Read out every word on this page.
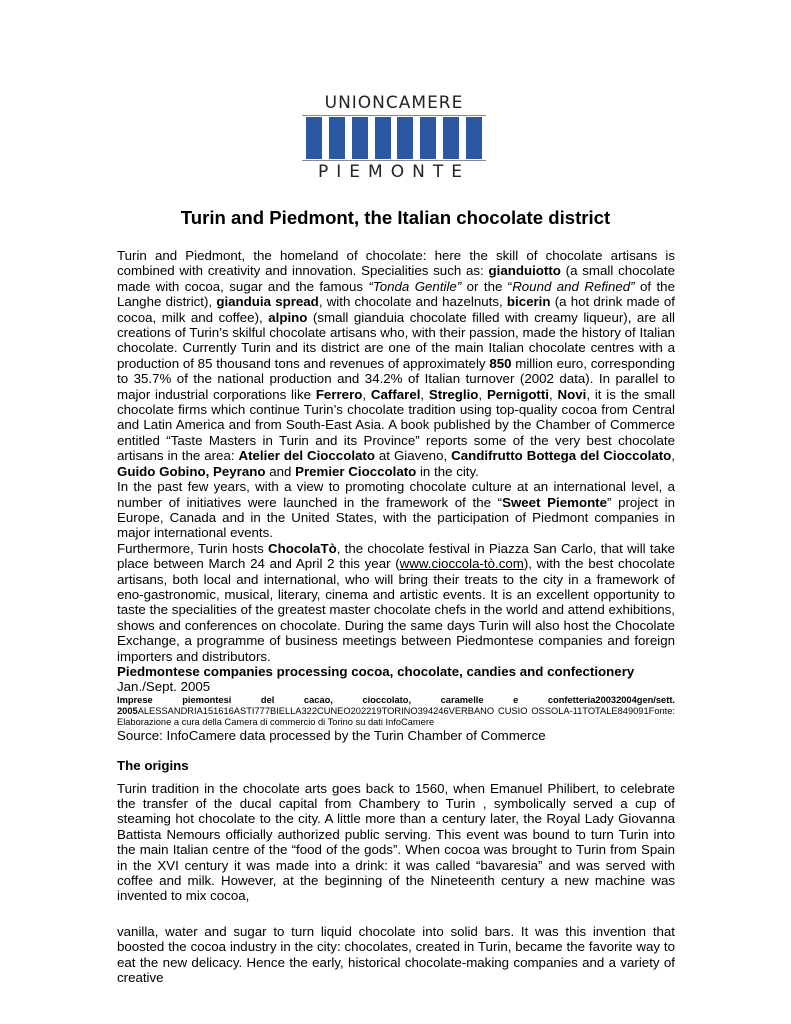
UNIONCAMERE
PIEMONTE
Turin and Piedmont, the Italian chocolate district

Turin and Piedmont, the homeland of chocolate: here the skill of chocolate artisans is combined with creativity and innovation. Specialities such as: gianduiotto (a small chocolate made with cocoa, sugar and the famous “Tonda Gentile” or the “Round and Refined” of the Langhe district), gianduia spread, with chocolate and hazelnuts, bicerin (a hot drink made of cocoa, milk and coffee), alpino (small gianduia chocolate filled with creamy liqueur), are all creations of Turin’s skilful chocolate artisans who, with their passion, made the history of Italian chocolate. Currently Turin and its district are one of the main Italian chocolate centres with a production of 85 thousand tons and revenues of approximately 850 million euro, corresponding to 35.7% of the national production and 34.2% of Italian turnover (2002 data). In parallel to major industrial corporations like Ferrero, Caffarel, Streglio, Pernigotti, Novi, it is the small chocolate firms which continue Turin’s chocolate tradition using top-quality cocoa from Central and Latin America and from South-East Asia. A book published by the Chamber of Commerce entitled “Taste Masters in Turin and its Province” reports some of the very best chocolate artisans in the area: Atelier del Cioccolato at Giaveno, Candifrutto Bottega del Cioccolato, Guido Gobino, Peyrano and Premier Cioccolato in the city.

In the past few years, with a view to promoting chocolate culture at an international level, a number of initiatives were launched in the framework of the “Sweet Piemonte” project in Europe, Canada and in the United States, with the participation of Piedmont companies in major international events.

Furthermore, Turin hosts ChocolaTò, the chocolate festival in Piazza San Carlo, that will take place between March 24 and April 2 this year (www.cioccola-tò.com), with the best chocolate artisans, both local and international, who will bring their treats to the city in a framework of eno-gastronomic, musical, literary, cinema and artistic events. It is an excellent opportunity to taste the specialities of the greatest master chocolate chefs in the world and attend exhibitions, shows and conferences on chocolate. During the same days Turin will also host the Chocolate Exchange, a programme of business meetings between Piedmontese companies and foreign importers and distributors.

Piedmontese companies processing cocoa, chocolate, candies and confectionery

Jan./Sept. 2005

Imprese piemontesi del cacao, cioccolato, caramelle e confetteria20032004gen/sett. 2005ALESSANDRIA151616ASTI777BIELLA322CUNEO202219TORINO394246VERBANO CUSIO OSSOLA-11TOTALE849091Fonte: Elaborazione a cura della Camera di commercio di Torino su dati InfoCamere

Source: InfoCamere data processed by the Turin Chamber of Commerce

The origins

Turin tradition in the chocolate arts goes back to 1560, when Emanuel Philibert, to celebrate the transfer of the ducal capital from Chambery to Turin , symbolically served a cup of steaming hot chocolate to the city. A little more than a century later, the Royal Lady Giovanna Battista Nemours officially authorized public serving. This event was bound to turn Turin into the main Italian centre of the “food of the gods”. When cocoa was brought to Turin from Spain in the XVI century it was made into a drink: it was called “bavaresia” and was served with coffee and milk. However, at the beginning of the Nineteenth century a new machine was invented to mix cocoa,

vanilla, water and sugar to turn liquid chocolate into solid bars. It was this invention that boosted the cocoa industry in the city: chocolates, created in Turin, became the favorite way to eat the new delicacy. Hence the early, historical chocolate-making companies and a variety of creative
